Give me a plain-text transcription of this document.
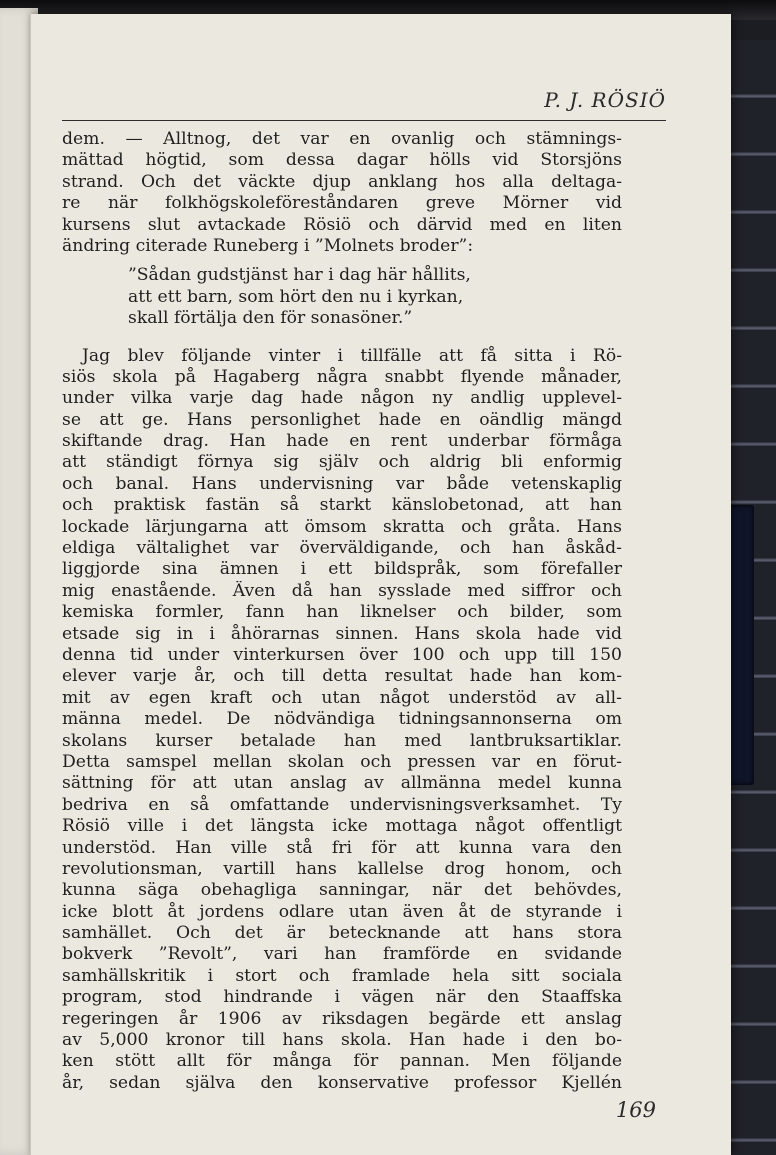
P. J. RÖSIÖ
dem. — Alltnog, det var en ovanlig och stämnings-
mättad högtid, som dessa dagar hölls vid Storsjöns
strand. Och det väckte djup anklang hos alla deltaga-
re när folkhögskoleföreståndaren greve Mörner vid
kursens slut avtackade Rösiö och därvid med en liten
ändring citerade Runeberg i ”Molnets broder”:
”Sådan gudstjänst har i dag här hållits,
att ett barn, som hört den nu i kyrkan,
skall förtälja den för sonasöner.”
Jag blev följande vinter i tillfälle att få sitta i Rö-
siös skola på Hagaberg några snabbt flyende månader,
under vilka varje dag hade någon ny andlig upplevel-
se att ge. Hans personlighet hade en oändlig mängd
skiftande drag. Han hade en rent underbar förmåga
att ständigt förnya sig själv och aldrig bli enformig
och banal. Hans undervisning var både vetenskaplig
och praktisk fastän så starkt känslobetonad, att han
lockade lärjungarna att ömsom skratta och gråta. Hans
eldiga vältalighet var överväldigande, och han åskåd-
liggjorde sina ämnen i ett bildspråk, som förefaller
mig enastående. Även då han sysslade med siffror och
kemiska formler, fann han liknelser och bilder, som
etsade sig in i åhörarnas sinnen. Hans skola hade vid
denna tid under vinterkursen över 100 och upp till 150
elever varje år, och till detta resultat hade han kom-
mit av egen kraft och utan något understöd av all-
männa medel. De nödvändiga tidningsannonserna om
skolans kurser betalade han med lantbruksartiklar.
Detta samspel mellan skolan och pressen var en förut-
sättning för att utan anslag av allmänna medel kunna
bedriva en så omfattande undervisningsverksamhet. Ty
Rösiö ville i det längsta icke mottaga något offentligt
understöd. Han ville stå fri för att kunna vara den
revolutionsman, vartill hans kallelse drog honom, och
kunna säga obehagliga sanningar, när det behövdes,
icke blott åt jordens odlare utan även åt de styrande i
samhället. Och det är betecknande att hans stora
bokverk ”Revolt”, vari han framförde en svidande
samhällskritik i stort och framlade hela sitt sociala
program, stod hindrande i vägen när den Staaffska
regeringen år 1906 av riksdagen begärde ett anslag
av 5,000 kronor till hans skola. Han hade i den bo-
ken stött allt för många för pannan. Men följande
år, sedan själva den konservative professor Kjellén
169
